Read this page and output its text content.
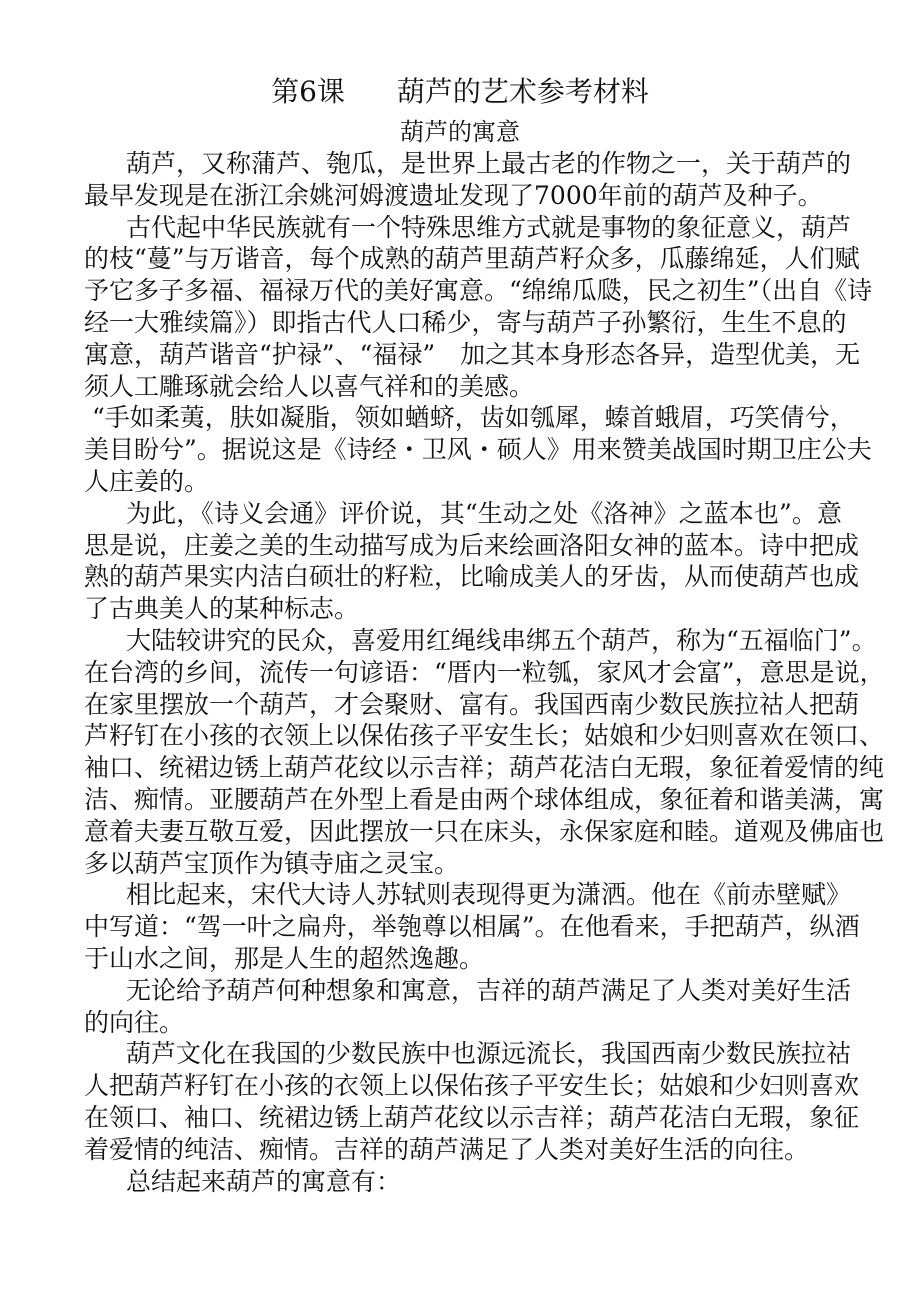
第6课 葫芦的艺术参考材料
葫芦的寓意
葫芦，又称蒲芦、匏瓜，是世界上最古老的作物之一，关于葫芦的
最早发现是在浙江余姚河姆渡遗址发现了7000年前的葫芦及种子。
古代起中华民族就有一个特殊思维方式就是事物的象征意义，葫芦
的枝“蔓”与万谐音，每个成熟的葫芦里葫芦籽众多，瓜藤绵延，人们赋
予它多子多福、福禄万代的美好寓意。“绵绵瓜瓞，民之初生”（出自《诗
经一大雅续篇》）即指古代人口稀少，寄与葫芦子孙繁衍，生生不息的
寓意，葫芦谐音“护禄”、“福禄”　加之其本身形态各异，造型优美，无
须人工雕琢就会给人以喜气祥和的美感。
“手如柔荑，肤如凝脂，领如蝤蛴，齿如瓠犀，螓首蛾眉，巧笑倩兮，
美目盼兮”。据说这是《诗经・卫风・硕人》用来赞美战国时期卫庄公夫
人庄姜的。
为此，《诗义会通》评价说，其“生动之处《洛神》之蓝本也”。意
思是说，庄姜之美的生动描写成为后来绘画洛阳女神的蓝本。诗中把成
熟的葫芦果实内洁白硕壮的籽粒，比喻成美人的牙齿，从而使葫芦也成
了古典美人的某种标志。
大陆较讲究的民众，喜爱用红绳线串绑五个葫芦，称为“五福临门”。
在台湾的乡间，流传一句谚语：“厝内一粒瓠，家风才会富”，意思是说，
在家里摆放一个葫芦，才会聚财、富有。我国西南少数民族拉祜人把葫
芦籽钉在小孩的衣领上以保佑孩子平安生长；姑娘和少妇则喜欢在领口、
袖口、统裙边锈上葫芦花纹以示吉祥；葫芦花洁白无瑕，象征着爱情的纯
洁、痴情。亚腰葫芦在外型上看是由两个球体组成，象征着和谐美满，寓
意着夫妻互敬互爱，因此摆放一只在床头，永保家庭和睦。道观及佛庙也
多以葫芦宝顶作为镇寺庙之灵宝。
相比起来，宋代大诗人苏轼则表现得更为潇洒。他在《前赤壁赋》
中写道：“驾一叶之扁舟，举匏尊以相属”。在他看来，手把葫芦，纵酒
于山水之间，那是人生的超然逸趣。
无论给予葫芦何种想象和寓意，吉祥的葫芦满足了人类对美好生活
的向往。
葫芦文化在我国的少数民族中也源远流长，我国西南少数民族拉祜
人把葫芦籽钉在小孩的衣领上以保佑孩子平安生长；姑娘和少妇则喜欢
在领口、袖口、统裙边锈上葫芦花纹以示吉祥；葫芦花洁白无瑕，象征
着爱情的纯洁、痴情。吉祥的葫芦满足了人类对美好生活的向往。
总结起来葫芦的寓意有：
